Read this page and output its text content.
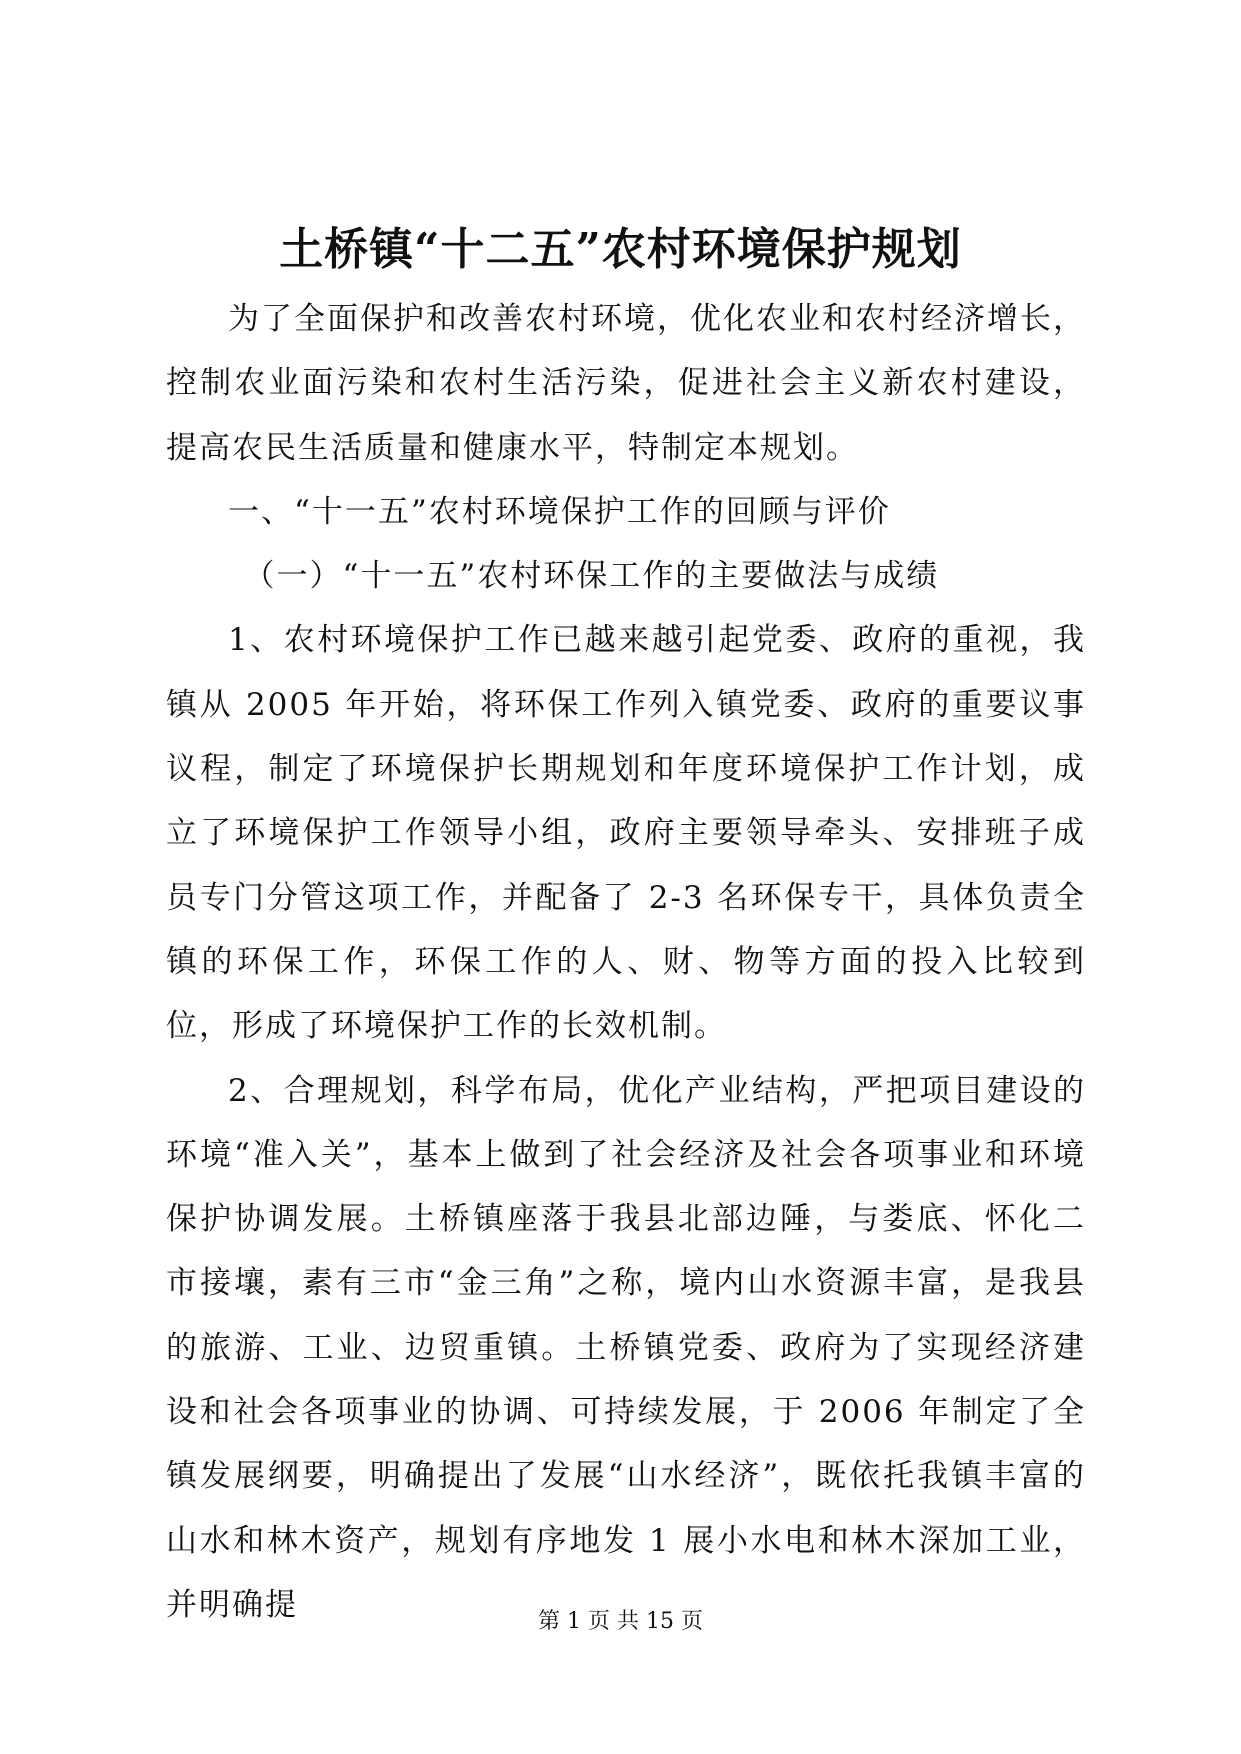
土桥镇“十二五”农村环境保护规划

为了全面保护和改善农村环境，优化农业和农村经济增长，控制农业面污染和农村生活污染，促进社会主义新农村建设，提高农民生活质量和健康水平，特制定本规划。

一、“十一五”农村环境保护工作的回顾与评价

（一）“十一五”农村环保工作的主要做法与成绩

1、农村环境保护工作已越来越引起党委、政府的重视，我镇从 2005 年开始，将环保工作列入镇党委、政府的重要议事议程，制定了环境保护长期规划和年度环境保护工作计划，成立了环境保护工作领导小组，政府主要领导牵头、安排班子成员专门分管这项工作，并配备了 2-3 名环保专干，具体负责全镇的环保工作，环保工作的人、财、物等方面的投入比较到位，形成了环境保护工作的长效机制。

2、合理规划，科学布局，优化产业结构，严把项目建设的环境“准入关”，基本上做到了社会经济及社会各项事业和环境保护协调发展。土桥镇座落于我县北部边陲，与娄底、怀化二市接壤，素有三市“金三角”之称，境内山水资源丰富，是我县的旅游、工业、边贸重镇。土桥镇党委、政府为了实现经济建设和社会各项事业的协调、可持续发展，于 2006 年制定了全镇发展纲要，明确提出了发展“山水经济”，既依托我镇丰富的山水和林木资产，规划有序地发 1 展小水电和林木深加工业，并明确提	第 1 页 共 15 页
